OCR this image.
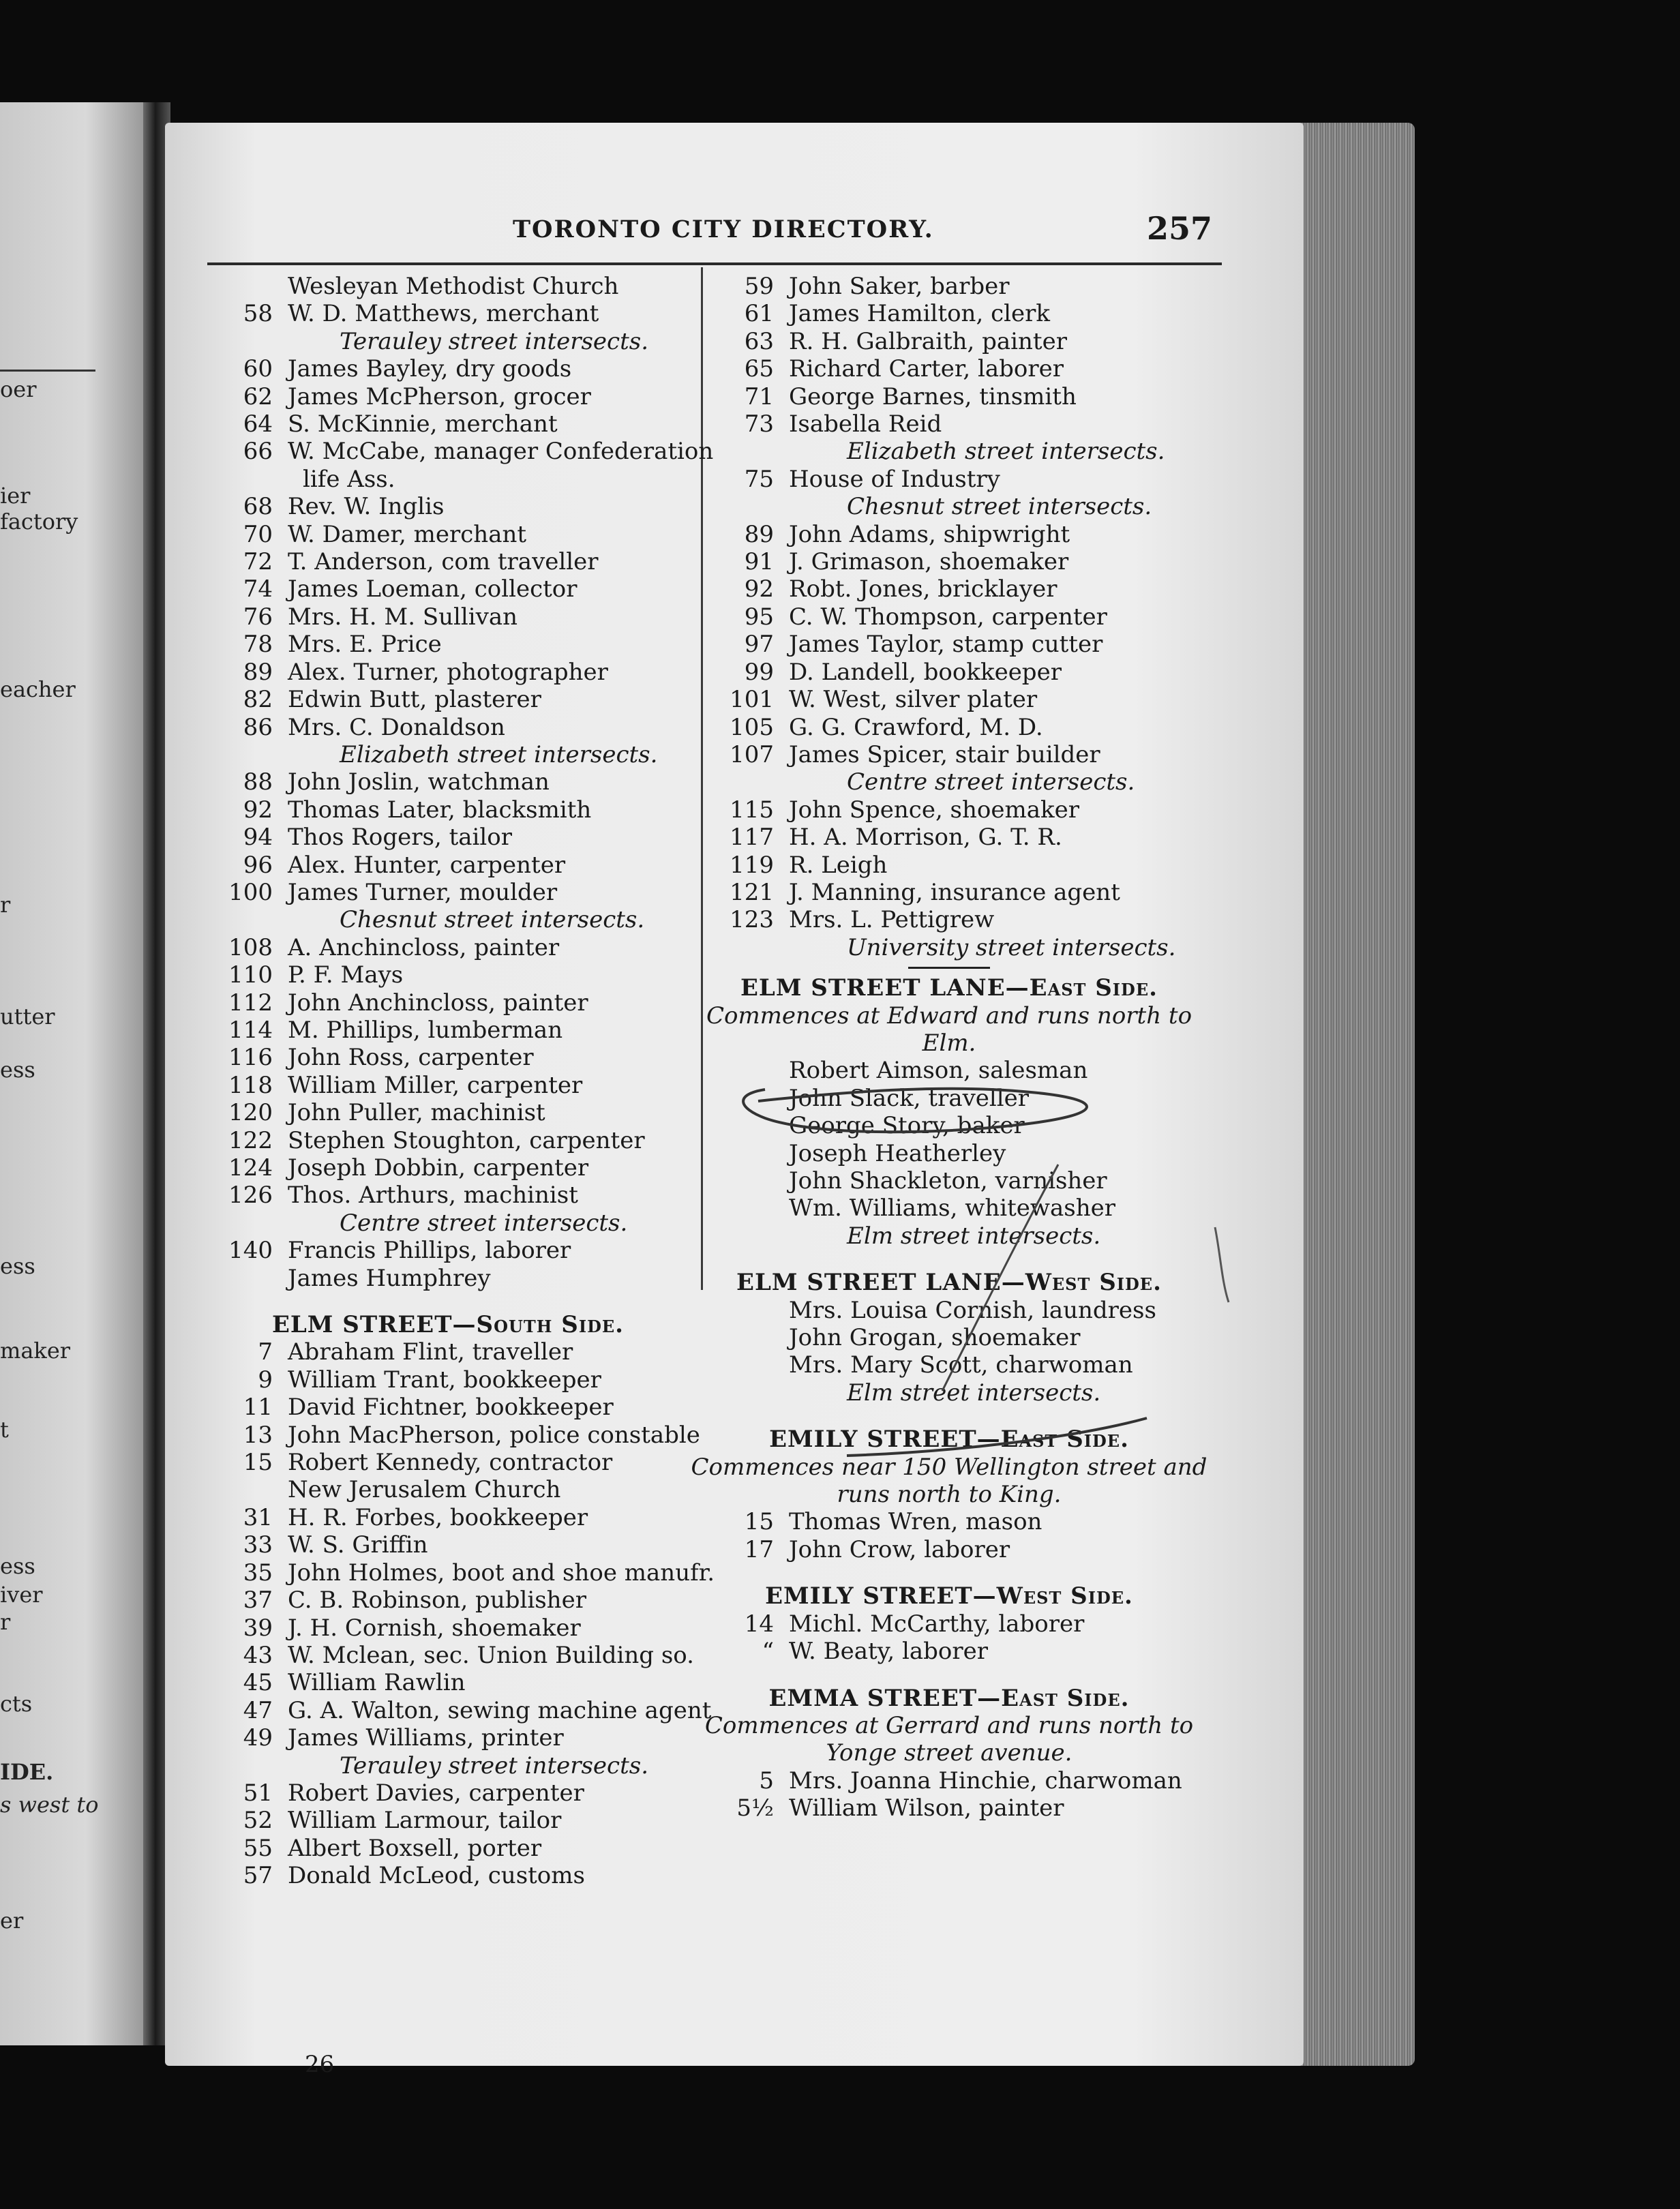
oer
ier
factory
eacher
r
utter
ess
ess
maker
t
ess
iver
r
cts
IDE.
s west to
er
TORONTO CITY DIRECTORY.	257
Wesleyan Methodist Church
58 W. D. Matthews, merchant
Terauley street intersects.
60 James Bayley, dry goods
62 James McPherson, grocer
64 S. McKinnie, merchant
66 W. McCabe, manager Confederation
life Ass.
68 Rev. W. Inglis
70 W. Damer, merchant
72 T. Anderson, com traveller
74 James Loeman, collector
76 Mrs. H. M. Sullivan
78 Mrs. E. Price
89 Alex. Turner, photographer
82 Edwin Butt, plasterer
86 Mrs. C. Donaldson
Elizabeth street intersects.
88 John Joslin, watchman
92 Thomas Later, blacksmith
94 Thos Rogers, tailor
96 Alex. Hunter, carpenter
100 James Turner, moulder
Chesnut street intersects.
108 A. Anchincloss, painter
110 P. F. Mays
112 John Anchincloss, painter
114 M. Phillips, lumberman
116 John Ross, carpenter
118 William Miller, carpenter
120 John Puller, machinist
122 Stephen Stoughton, carpenter
124 Joseph Dobbin, carpenter
126 Thos. Arthurs, machinist
Centre street intersects.
140 Francis Phillips, laborer
James Humphrey
ELM STREET—South Side.
7 Abraham Flint, traveller
9 William Trant, bookkeeper
11 David Fichtner, bookkeeper
13 John MacPherson, police constable
15 Robert Kennedy, contractor
New Jerusalem Church
31 H. R. Forbes, bookkeeper
33 W. S. Griffin
35 John Holmes, boot and shoe manufr.
37 C. B. Robinson, publisher
39 J. H. Cornish, shoemaker
43 W. Mclean, sec. Union Building so.
45 William Rawlin
47 G. A. Walton, sewing machine agent
49 James Williams, printer
Terauley street intersects.
51 Robert Davies, carpenter
52 William Larmour, tailor
55 Albert Boxsell, porter
57 Donald McLeod, customs
59 John Saker, barber
61 James Hamilton, clerk
63 R. H. Galbraith, painter
65 Richard Carter, laborer
71 George Barnes, tinsmith
73 Isabella Reid
Elizabeth street intersects.
75 House of Industry
Chesnut street intersects.
89 John Adams, shipwright
91 J. Grimason, shoemaker
92 Robt. Jones, bricklayer
95 C. W. Thompson, carpenter
97 James Taylor, stamp cutter
99 D. Landell, bookkeeper
101 W. West, silver plater
105 G. G. Crawford, M. D.
107 James Spicer, stair builder
Centre street intersects.
115 John Spence, shoemaker
117 H. A. Morrison, G. T. R.
119 R. Leigh
121 J. Manning, insurance agent
123 Mrs. L. Pettigrew
University street intersects.
ELM STREET LANE—East Side.
Commences at Edward and runs north to
Elm.
Robert Aimson, salesman
John Slack, traveller
George Story, baker
Joseph Heatherley
John Shackleton, varnisher
Wm. Williams, whitewasher
Elm street intersects.
ELM STREET LANE—West Side.
Mrs. Louisa Cornish, laundress
John Grogan, shoemaker
Mrs. Mary Scott, charwoman
Elm street intersects.
EMILY STREET—East Side.
Commences near 150 Wellington street and
runs north to King.
15 Thomas Wren, mason
17 John Crow, laborer
EMILY STREET—West Side.
14 Michl. McCarthy, laborer
“ W. Beaty, laborer
EMMA STREET—East Side.
Commences at Gerrard and runs north to
Yonge street avenue.
5 Mrs. Joanna Hinchie, charwoman
5½ William Wilson, painter
26
